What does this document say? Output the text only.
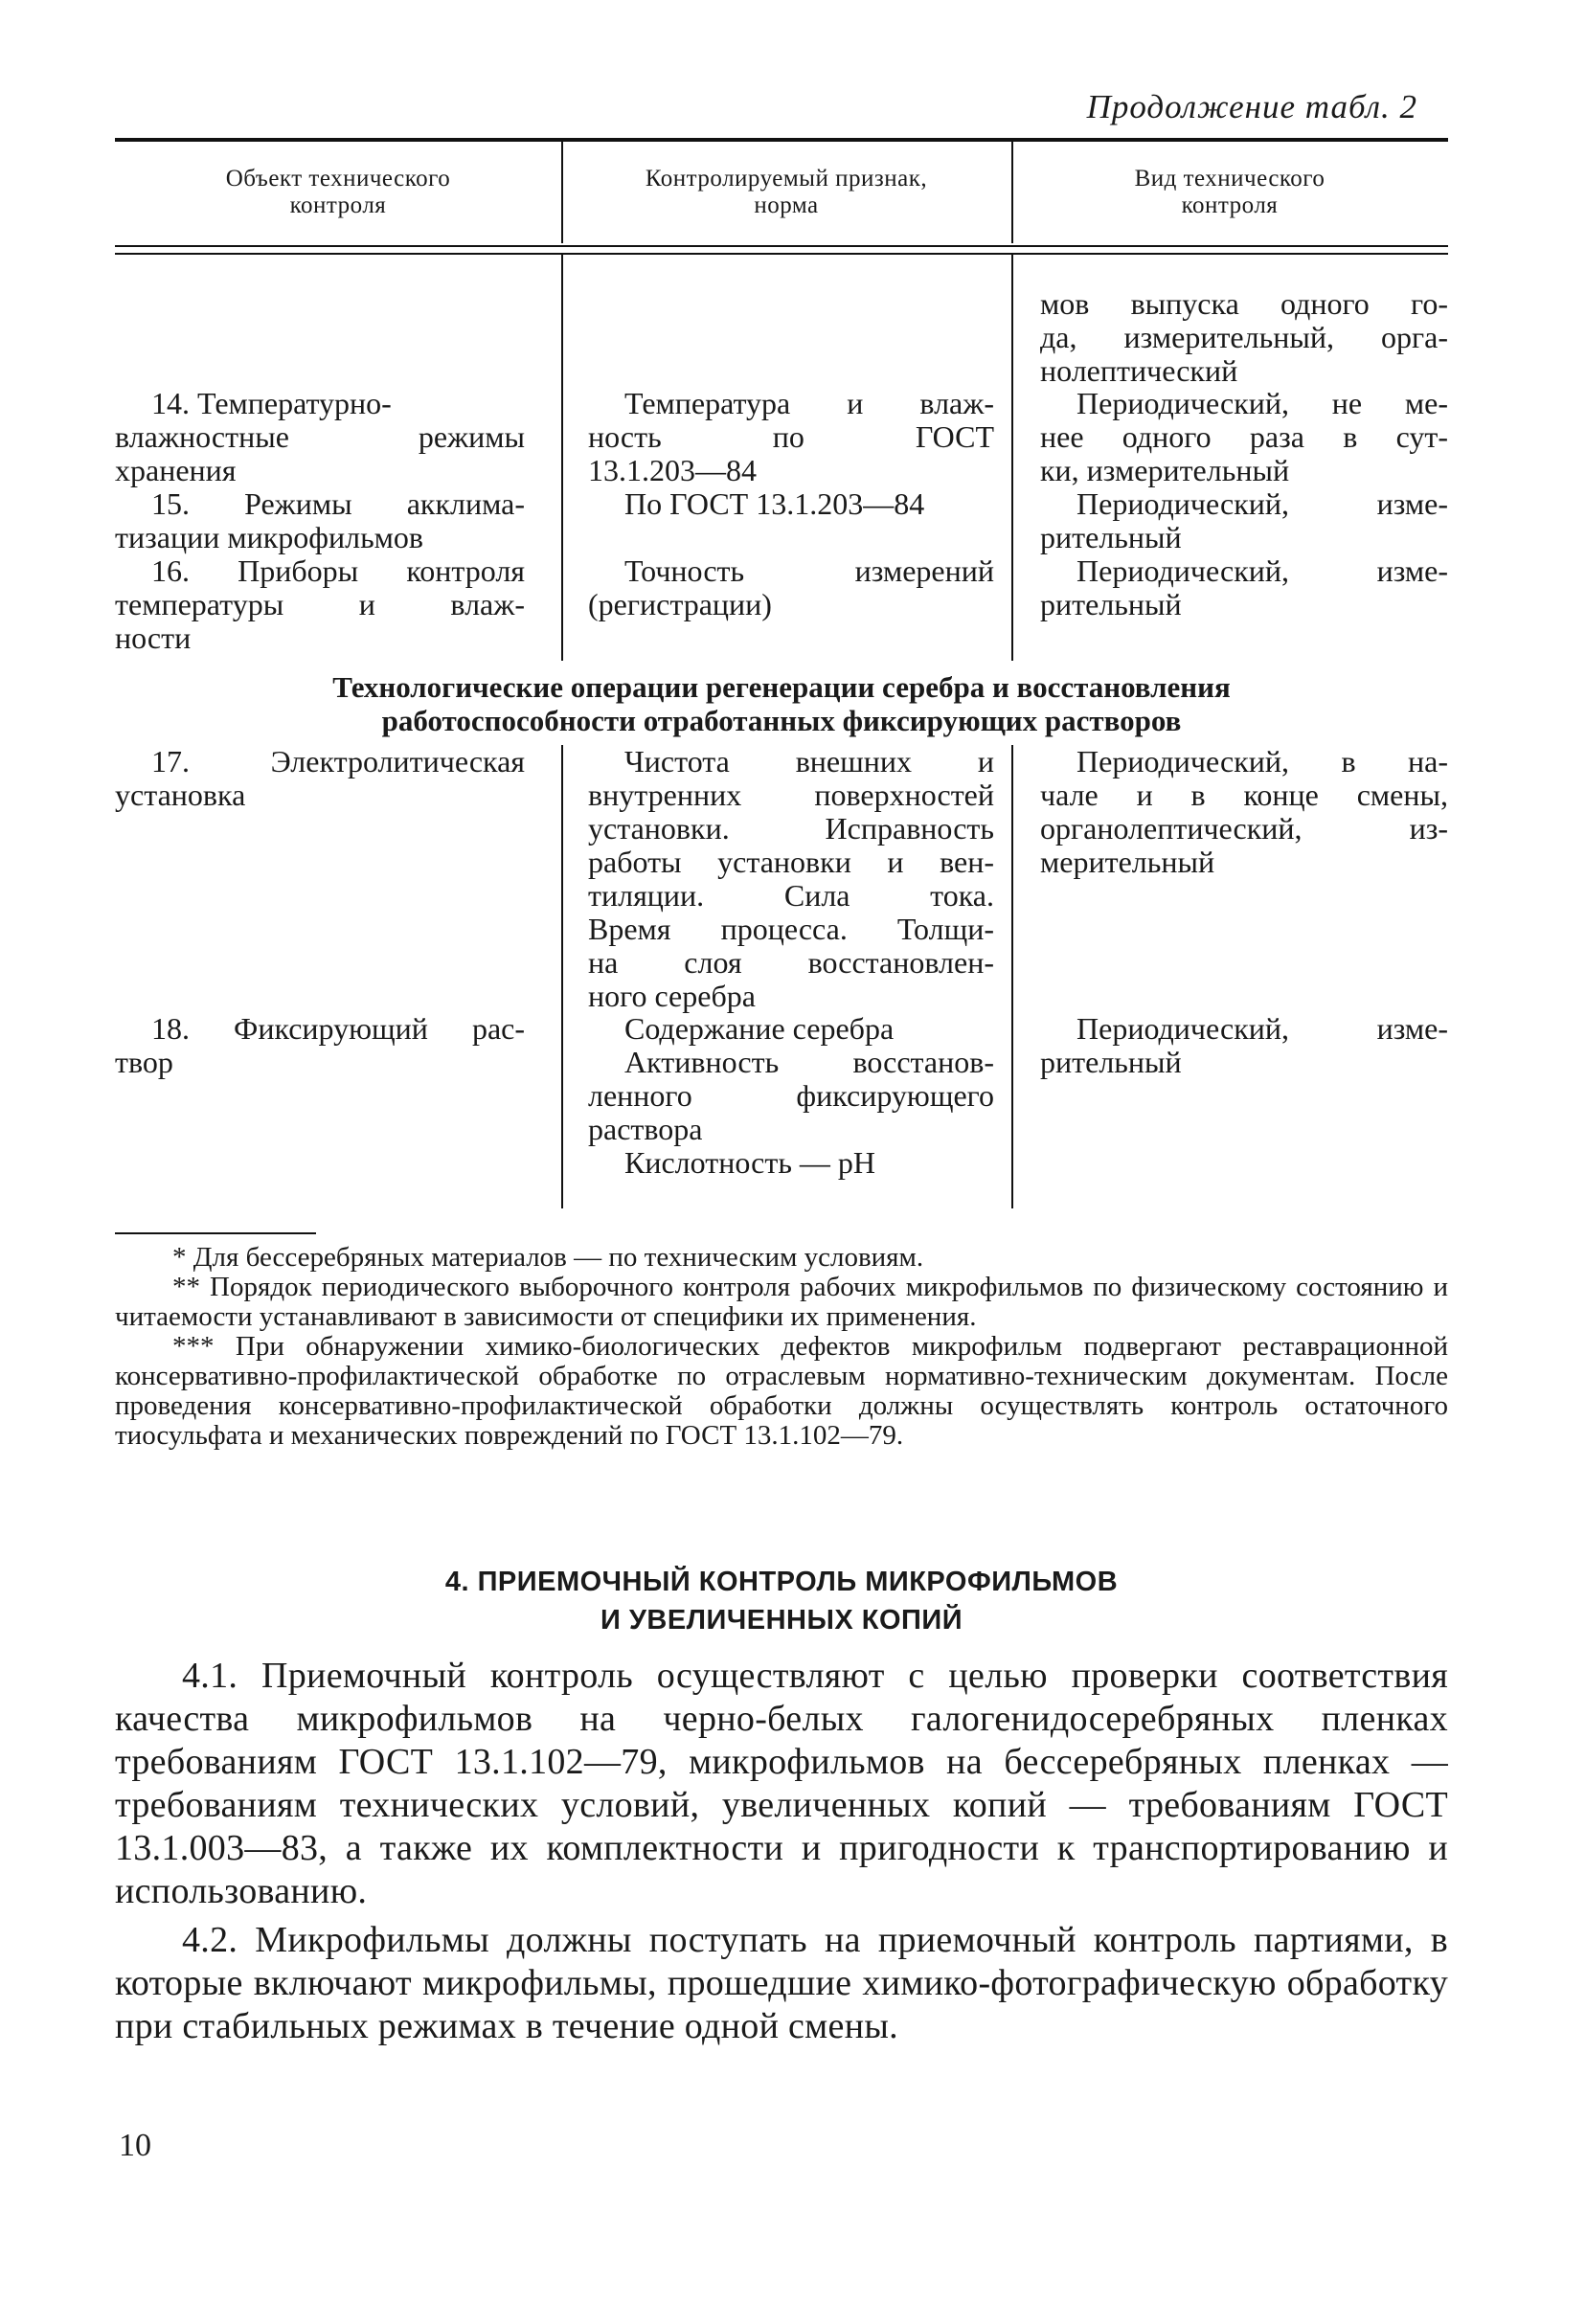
Продолжение табл. 2
Объект технического
контроля
Контролируемый признак,
норма
Вид технического
контроля
мов выпуска одного го-
да, измерительный, орга-
нолептический
14. Температурно-
влажностные режимы
хранения
Температура и влаж-
ность по ГОСТ
13.1.203—84
Периодический, не ме-
нее одного раза в сут-
ки, измерительный
15. Режимы акклима-
тизации микрофильмов
По ГОСТ 13.1.203—84	Периодический, изме-
рительный
16. Приборы контроля
температуры и влаж-
ности
Точность измерений
(регистрации)
Периодический, изме-
рительный
Технологические операции регенерации серебра и восстановления
работоспособности отработанных фиксирующих растворов
17. Электролитическая
установка
Чистота внешних и
внутренних поверхностей
установки. Исправность
работы установки и вен-
тиляции. Сила тока.
Время процесса. Толщи-
на слоя восстановлен-
ного серебра
Периодический, в на-
чале и в конце смены,
органолептический, из-
мерительный
18. Фиксирующий рас-
твор
Содержание серебра
Активность восстанов-
ленного фиксирующего
раствора
Кислотность — pH
Периодический, изме-
рительный

* Для бессеребряных материалов — по техническим условиям.

** Порядок периодического выборочного контроля рабочих микрофильмов по физическому состоянию и читаемости устанавливают в зависимости от специфики их применения.

*** При обнаружении химико-биологических дефектов микрофильм подвергают реставрационной консервативно-профилактической обработке по отраслевым нормативно-техническим документам. После проведения консервативно-профилактической обработки должны осуществлять контроль остаточного тиосульфата и механических повреждений по ГОСТ 13.1.102—79.

4. ПРИЕМОЧНЫЙ КОНТРОЛЬ МИКРОФИЛЬМОВ
И УВЕЛИЧЕННЫХ КОПИЙ

4.1. Приемочный контроль осуществляют с целью проверки соответствия качества микрофильмов на черно-белых галогенидосеребряных пленках требованиям ГОСТ 13.1.102—79, микрофильмов на бессеребряных пленках — требованиям технических условий, увеличенных копий — требованиям ГОСТ 13.1.003—83, а также их комплектности и пригодности к транспортированию и использованию.

4.2. Микрофильмы должны поступать на приемочный контроль партиями, в которые включают микрофильмы, прошедшие химико-фотографическую обработку при стабильных режимах в течение одной смены.

10
